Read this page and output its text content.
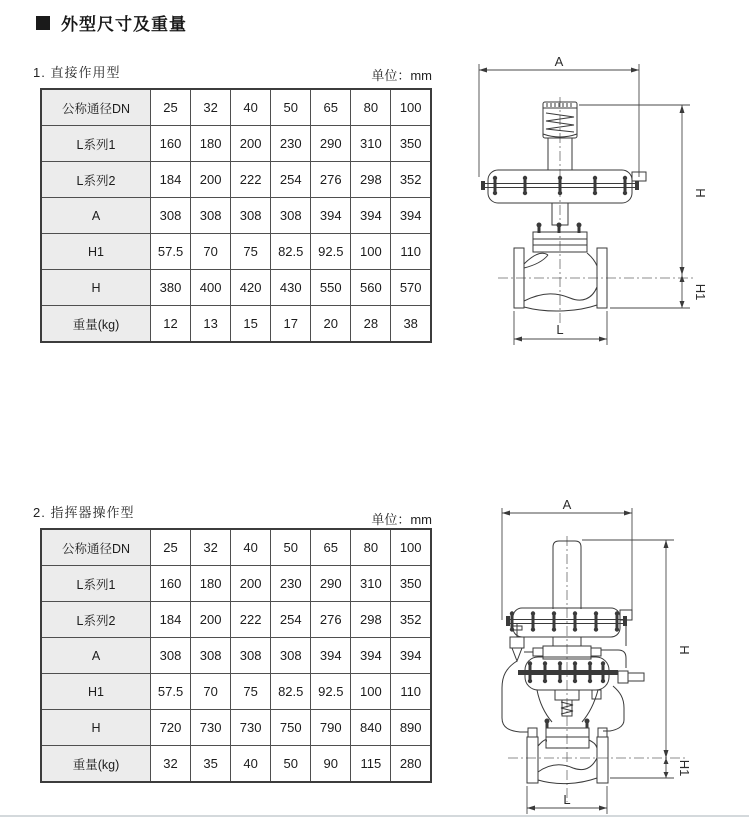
外型尺寸及重量
1. 直接作用型	单位：mm
公称通径DN	25	32	40	50	65	80	100
L系列1	160	180	200	230	290	310	350
L系列2	184	200	222	254	276	298	352
A	308	308	308	308	394	394	394
H1	57.5	70	75	82.5	92.5	100	110
H	380	400	420	430	550	560	570
重量(kg)	12	13	15	17	20	28	38
A
H
H1
L
2. 指挥器操作型	单位：mm
公称通径DN	25	32	40	50	65	80	100
L系列1	160	180	200	230	290	310	350
L系列2	184	200	222	254	276	298	352
A	308	308	308	308	394	394	394
H1	57.5	70	75	82.5	92.5	100	110
H	720	730	730	750	790	840	890
重量(kg)	32	35	40	50	90	115	280
A
H
H1
L
